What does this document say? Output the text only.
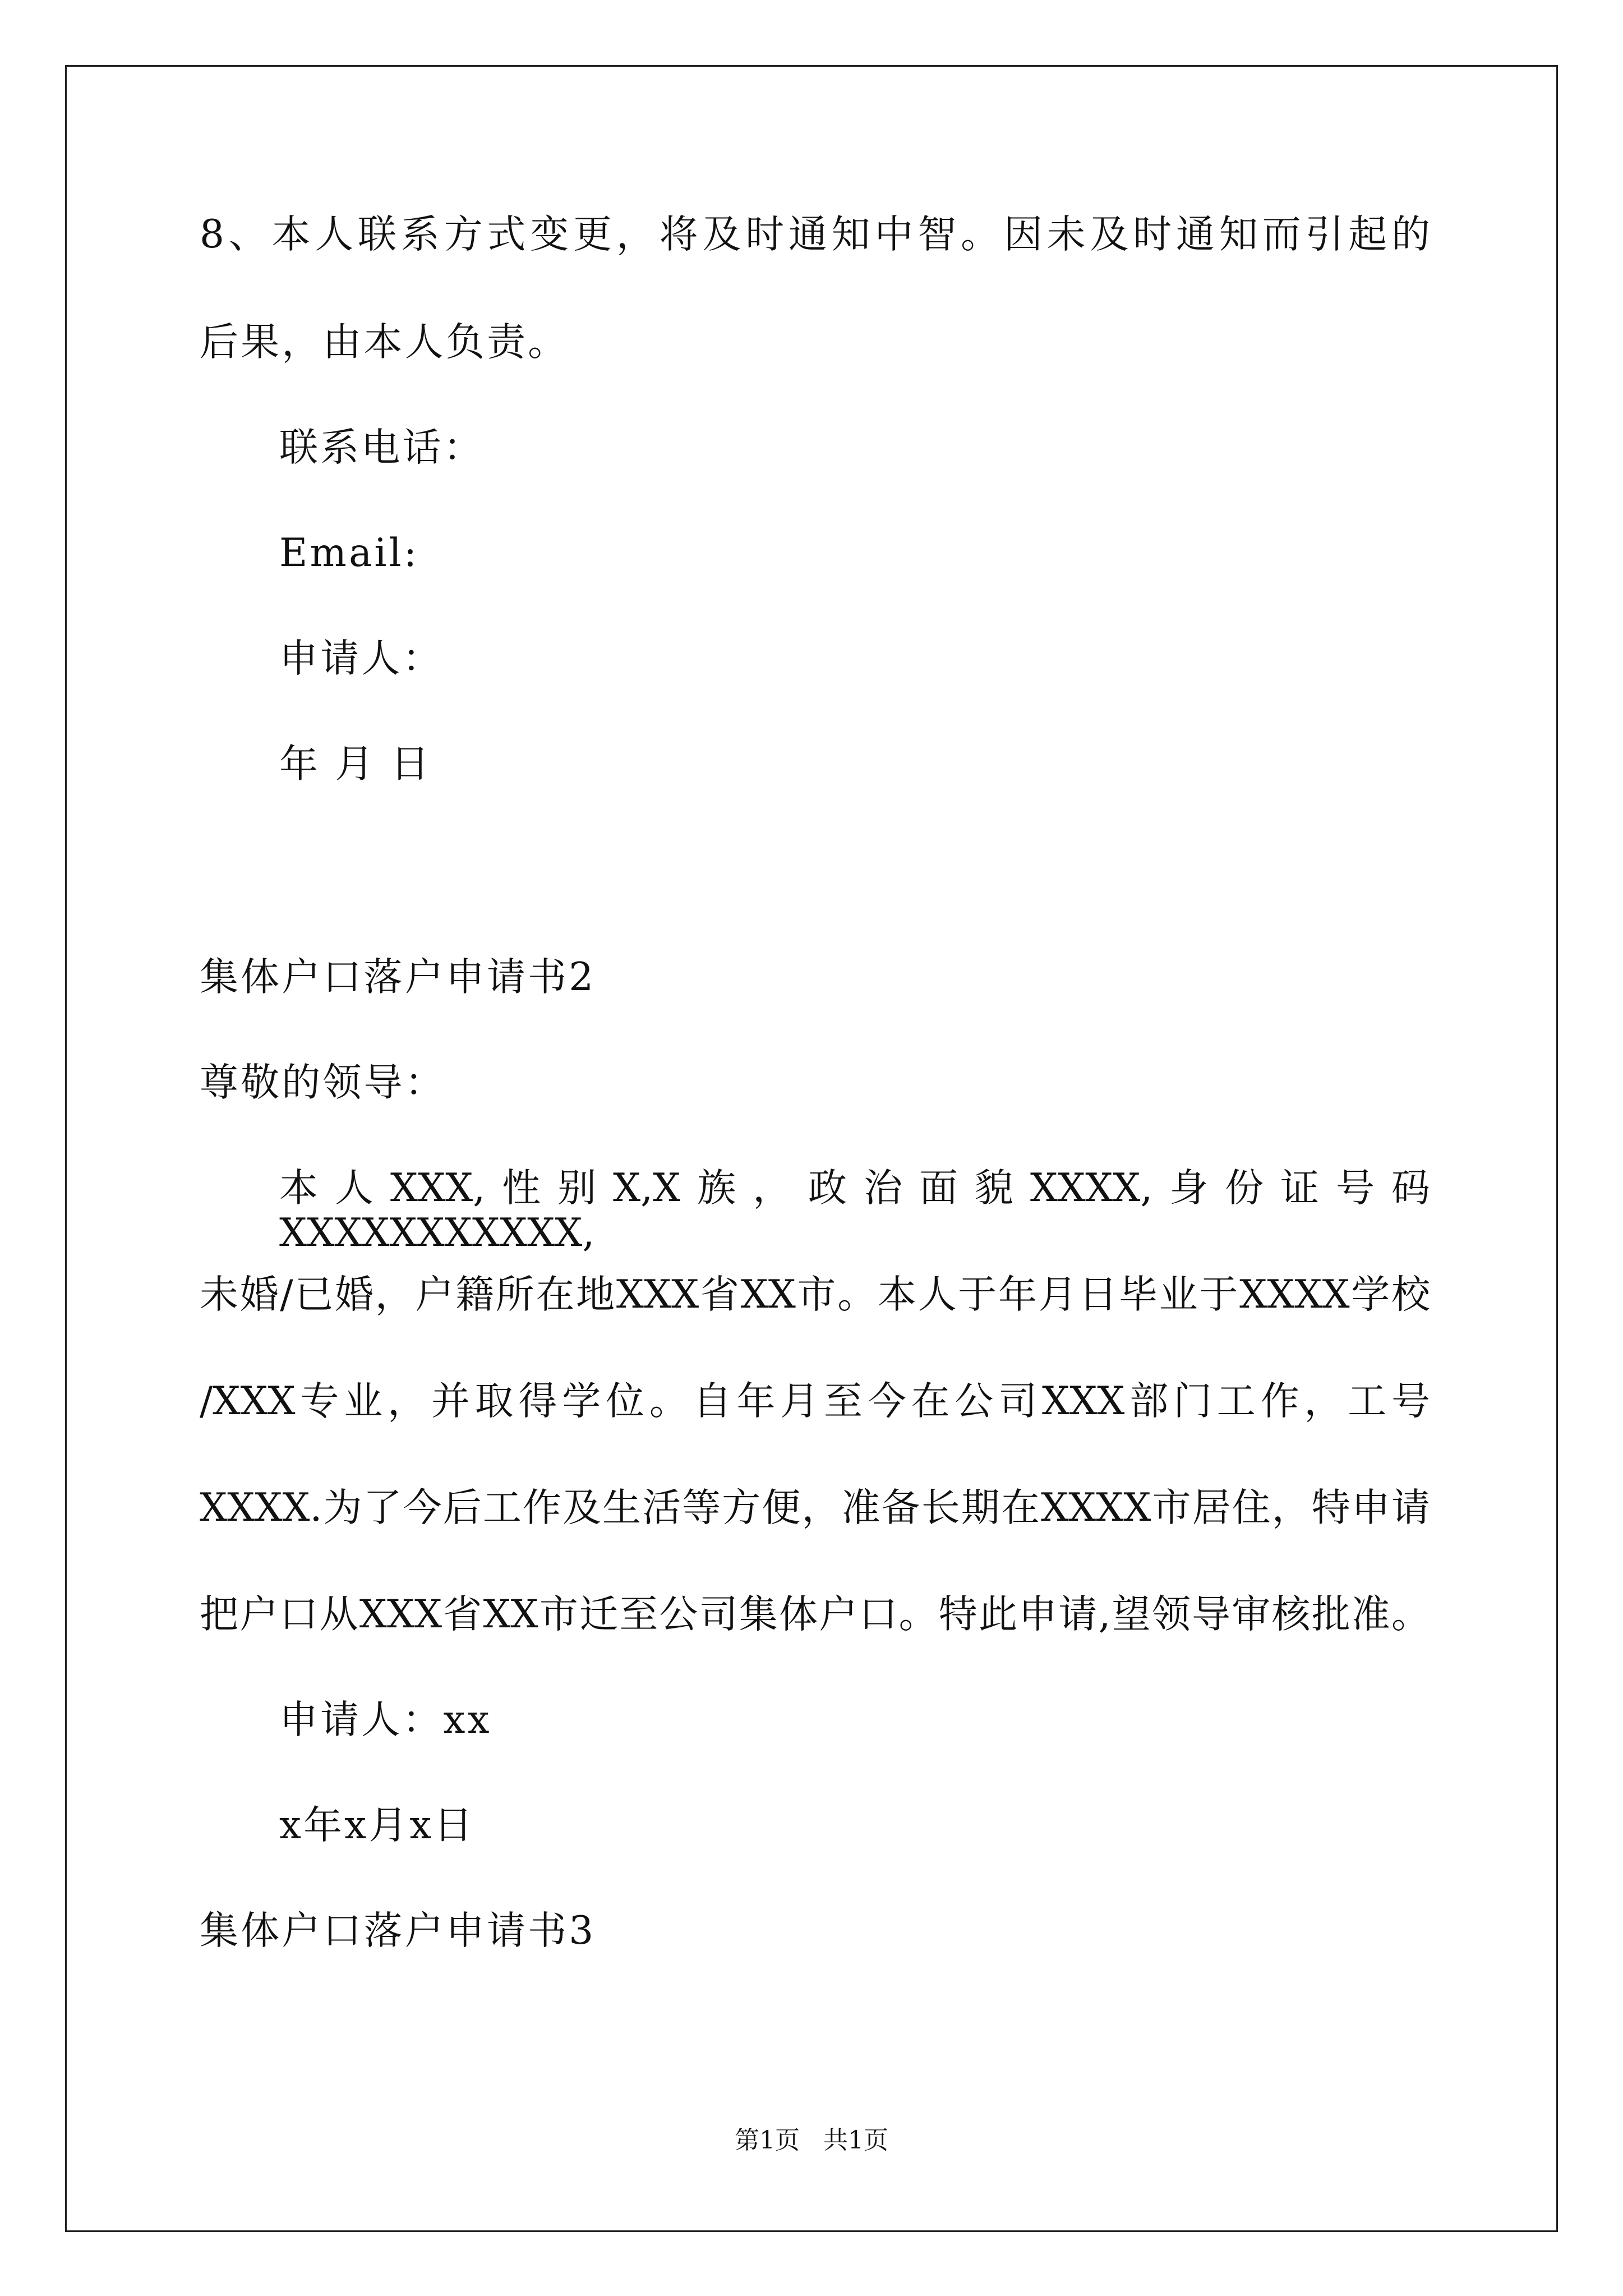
8、本人联系方式变更，将及时通知中智。因未及时通知而引起的
后果，由本人负责。
联系电话：
Email:
申请人：
年 月 日
集体户口落户申请书2
尊敬的领导：
本人XXX,性别X,X族，政治面貌XXXX,身份证号码XXXXXXXXXXX,
未婚/已婚，户籍所在地XXX省XX市。本人于年月日毕业于XXXX学校
/XXX专业，并取得学位。自年月至今在公司XXX部门工作，工号
XXXX.为了今后工作及生活等方便，准备长期在XXXX市居住，特申请
把户口从XXX省XX市迁至公司集体户口。特此申请,望领导审核批准。
申请人：xx
x年x月x日
集体户口落户申请书3
第1页   共1页
